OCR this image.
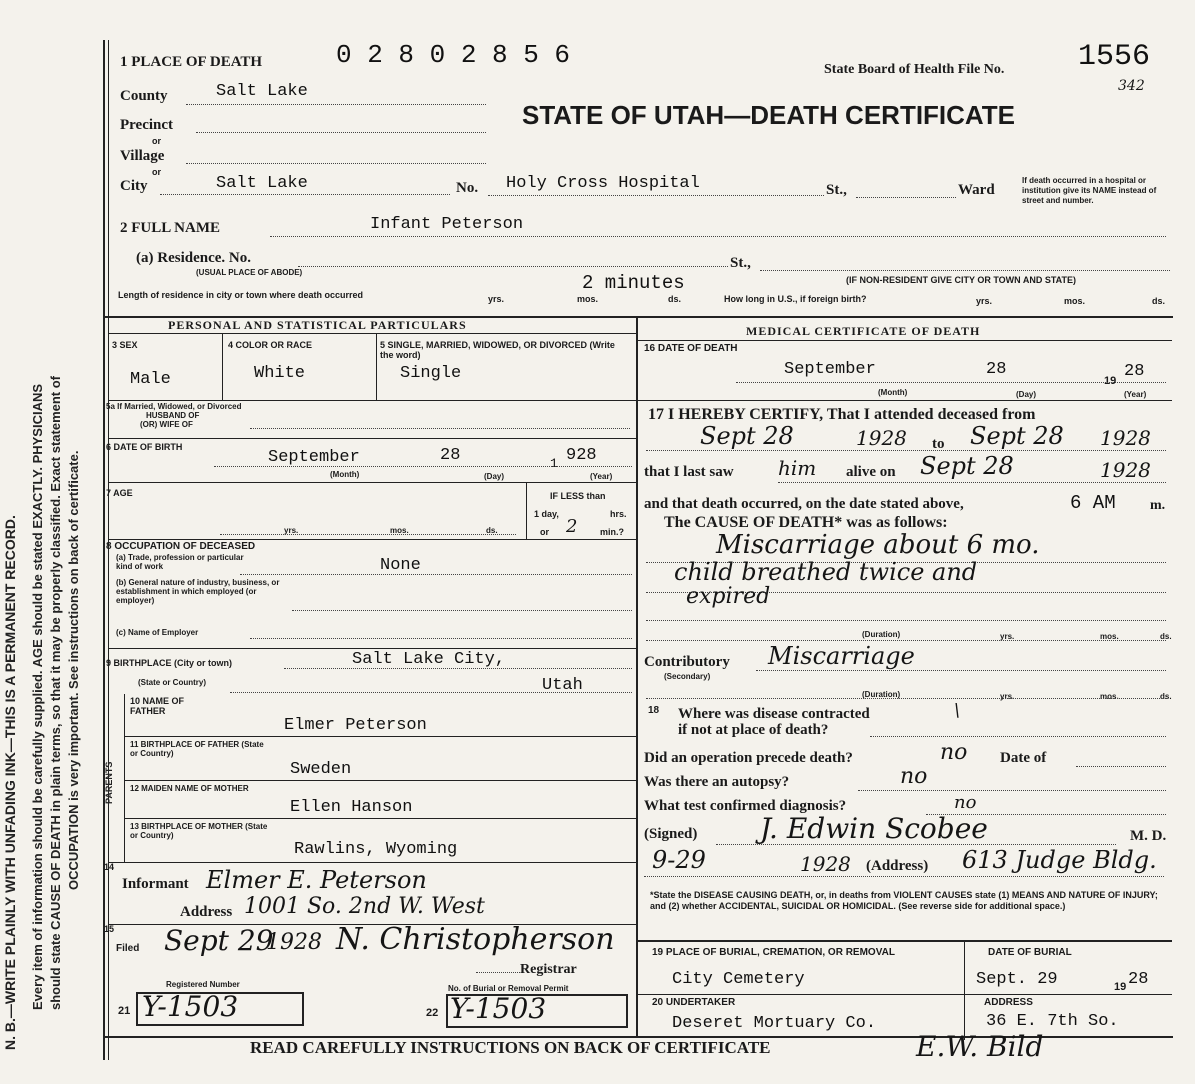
N. B.—WRITE PLAINLY WITH UNFADING INK—THIS IS A PERMANENT RECORD. Every item of information should be carefully supplied. AGE should be stated EXACTLY. PHYSICIANS should state CAUSE OF DEATH in plain terms, so that it may be properly classified. Exact statement of OCCUPATION is very important. See instructions on back of certificate.
1 PLACE OF DEATH	0 2 8 0 2 8 5 6	State Board of Health File No. 1556
342
STATE OF UTAH—DEATH CERTIFICATE
County	Salt Lake
Precinct
or
Village
or
City	Salt Lake	No. Holy Cross Hospital	St.,	Ward
If death occurred in a hospital or institution give its NAME instead of street and number.
2 FULL NAME	Infant Peterson
(a) Residence. No.
(USUAL PLACE OF ABODE)
St.,
(IF NON-RESIDENT GIVE CITY OR TOWN AND STATE)
Length of residence in city or town where death occurred	yrs.	mos.	ds.
2 minutes
How long in U.S., if foreign birth?	yrs.	mos.	ds.
PERSONAL AND STATISTICAL PARTICULARS	MEDICAL CERTIFICATE OF DEATH
3 SEX
Male
4 COLOR OR RACE
White
5 SINGLE, MARRIED, WIDOWED, OR DIVORCED (Write the word)
Single
5a If Married, Widowed, or Divorced
HUSBAND OF
(OR) WIFE OF
6 DATE OF BIRTH
September	28	1 928
(Month)	(Day)	(Year)
7 AGE
yrs.	mos.	ds.
IF LESS than
1 day,	hrs.
or 2	min.?
8 OCCUPATION OF DECEASED
(a) Trade, profession or particular kind of work	None
(b) General nature of industry, business, or establishment in which employed (or employer)
(c) Name of Employer
9 BIRTHPLACE (City or town)	Salt Lake City,
(State or Country)	Utah
PARENTS
10 NAME OF FATHER
Elmer Peterson
11 BIRTHPLACE OF FATHER (State or Country)
Sweden
12 MAIDEN NAME OF MOTHER
Ellen Hanson
13 BIRTHPLACE OF MOTHER (State or Country)
Rawlins, Wyoming
14
Informant Elmer E. Peterson
Address 1001 So. 2nd W. West
15
Filed Sept 29
1928 N. Christopherson
Registrar
Registered Number	No. of Burial or Removal Permit
21 Y-1503	22 Y-1503
16 DATE OF DEATH
September	28
19 28
(Month)	(Day)	(Year)
17 I HEREBY CERTIFY, That I attended deceased from
Sept 28	1928 to Sept 28 1928
that I last saw him alive on Sept 28	1928
and that death occurred, on the date stated above,	6 AM m.
The CAUSE OF DEATH* was as follows:
Miscarriage about 6 mo.
child breathed twice and
expired
(Duration)	yrs.	mos.	ds.
Contributory
(Secondary)
Miscarriage
(Duration)	yrs.	mos.	ds.
18 Where was disease contracted
if not at place of death?
\
Did an operation precede death?	no Date of
Was there an autopsy?	no
What test confirmed diagnosis?	no
(Signed) J. Edwin Scobee	M. D.
9-29	1928 (Address) 613 Judge Bldg.
*State the DISEASE CAUSING DEATH, or, in deaths from VIOLENT CAUSES state (1) MEANS AND NATURE OF INJURY; and (2) whether ACCIDENTAL, SUICIDAL OR HOMICIDAL. (See reverse side for additional space.)
19 PLACE OF BURIAL, CREMATION, OR REMOVAL
City Cemetery
DATE OF BURIAL
Sept. 29	19 28
20 UNDERTAKER
Deseret Mortuary Co.
ADDRESS
36 E. 7th So.
READ CAREFULLY INSTRUCTIONS ON BACK OF CERTIFICATE	E.W. Bild
